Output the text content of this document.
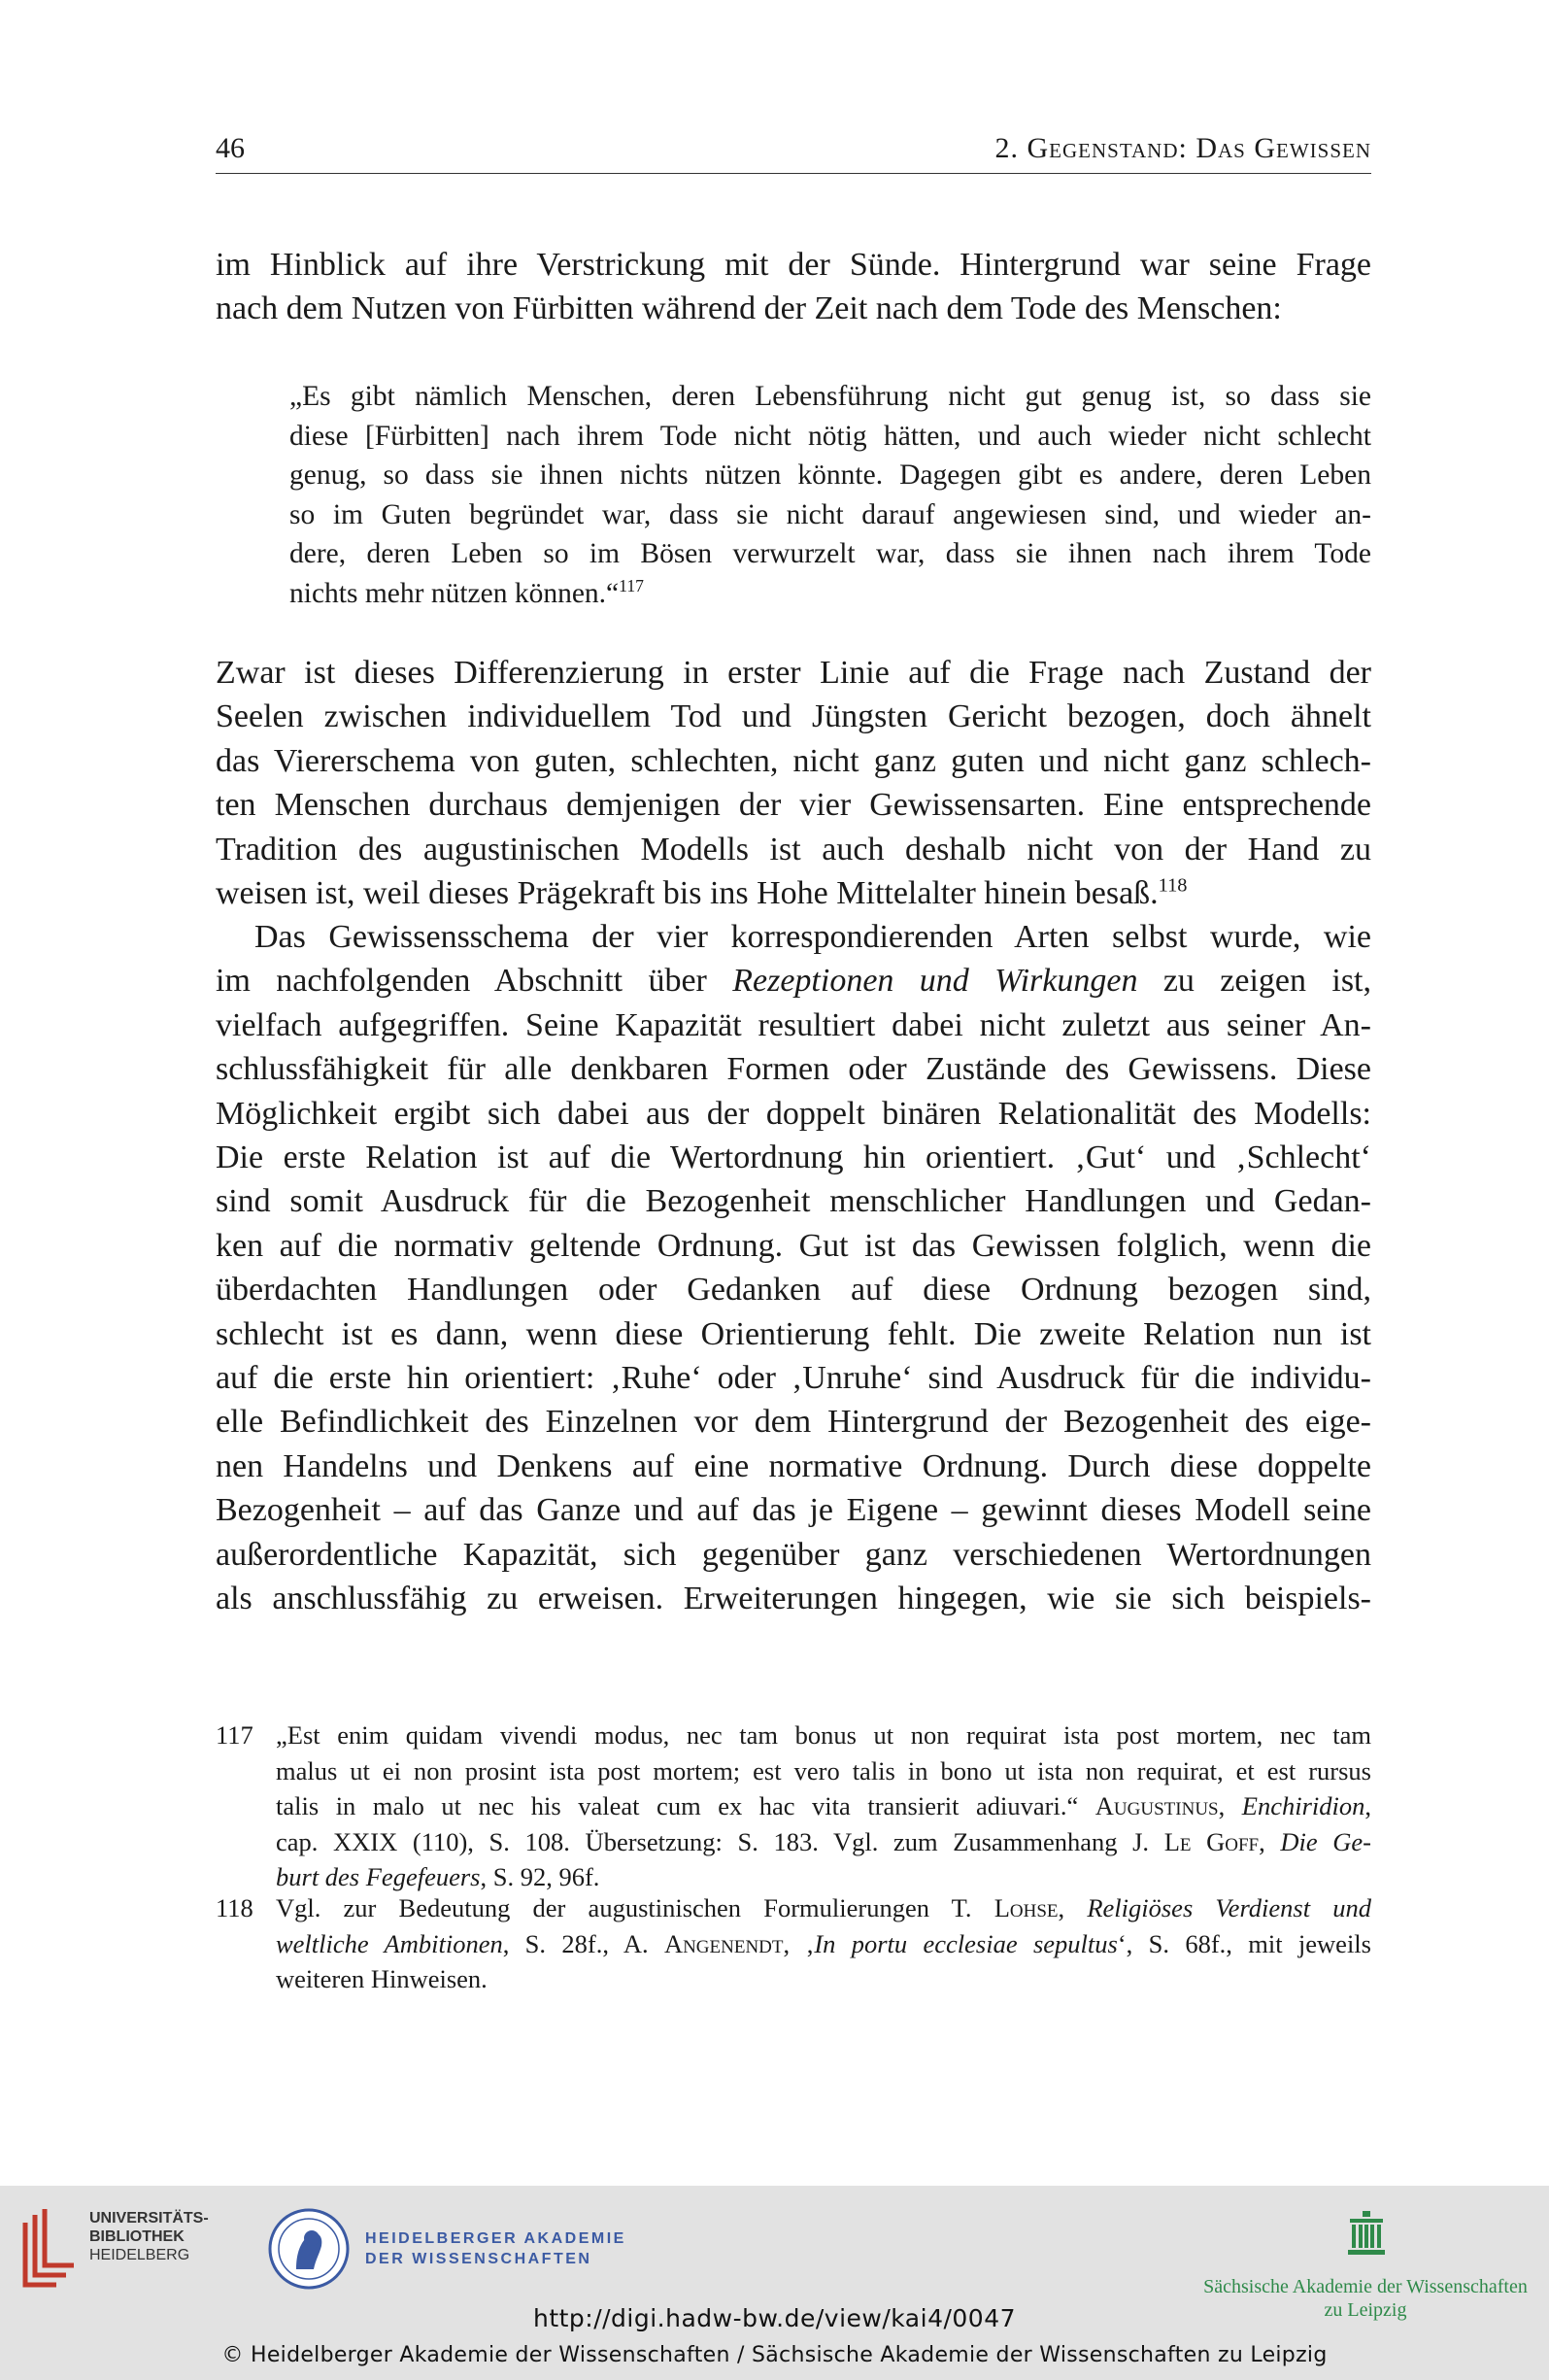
46	2. Gegenstand: Das Gewissen

im Hinblick auf ihre Verstrickung mit der Sünde. Hintergrund war seine Frage
nach dem Nutzen von Fürbitten während der Zeit nach dem Tode des Menschen:

„Es gibt nämlich Menschen, deren Lebensführung nicht gut genug ist, so dass sie
diese [Fürbitten] nach ihrem Tode nicht nötig hätten, und auch wieder nicht schlecht
genug, so dass sie ihnen nichts nützen könnte. Dagegen gibt es andere, deren Leben
so im Guten begründet war, dass sie nicht darauf angewiesen sind, und wieder an-
dere, deren Leben so im Bösen verwurzelt war, dass sie ihnen nach ihrem Tode
nichts mehr nützen können.“$^{117}$

Zwar ist dieses Differenzierung in erster Linie auf die Frage nach Zustand der
Seelen zwischen individuellem Tod und Jüngsten Gericht bezogen, doch ähnelt
das Viererschema von guten, schlechten, nicht ganz guten und nicht ganz schlech-
ten Menschen durchaus demjenigen der vier Gewissensarten. Eine entsprechende
Tradition des augustinischen Modells ist auch deshalb nicht von der Hand zu
weisen ist, weil dieses Prägekraft bis ins Hohe Mittelalter hinein besaß.$^{118}$

Das Gewissensschema der vier korrespondierenden Arten selbst wurde, wie
im nachfolgenden Abschnitt über Rezeptionen und Wirkungen zu zeigen ist,
vielfach aufgegriffen. Seine Kapazität resultiert dabei nicht zuletzt aus seiner An-
schlussfähigkeit für alle denkbaren Formen oder Zustände des Gewissens. Diese
Möglichkeit ergibt sich dabei aus der doppelt binären Relationalität des Modells:
Die erste Relation ist auf die Wertordnung hin orientiert. ‚Gut‘ und ‚Schlecht‘
sind somit Ausdruck für die Bezogenheit menschlicher Handlungen und Gedan-
ken auf die normativ geltende Ordnung. Gut ist das Gewissen folglich, wenn die
überdachten Handlungen oder Gedanken auf diese Ordnung bezogen sind,
schlecht ist es dann, wenn diese Orientierung fehlt. Die zweite Relation nun ist
auf die erste hin orientiert: ‚Ruhe‘ oder ‚Unruhe‘ sind Ausdruck für die individu-
elle Befindlichkeit des Einzelnen vor dem Hintergrund der Bezogenheit des eige-
nen Handelns und Denkens auf eine normative Ordnung. Durch diese doppelte
Bezogenheit – auf das Ganze und auf das je Eigene – gewinnt dieses Modell seine
außerordentliche Kapazität, sich gegenüber ganz verschiedenen Wertordnungen
als anschlussfähig zu erweisen. Erweiterungen hingegen, wie sie sich beispiels-

117 „Est enim quidam vivendi modus, nec tam bonus ut non requirat ista post mortem, nec tam
malus ut ei non prosint ista post mortem; est vero talis in bono ut ista non requirat, et est rursus
talis in malo ut nec his valeat cum ex hac vita transierit adiuvari.“ Augustinus, Enchiridion,
cap. XXIX (110), S. 108. Übersetzung: S. 183. Vgl. zum Zusammenhang J. Le Goff, Die Ge-
burt des Fegefeuers, S. 92, 96f.
118 Vgl. zur Bedeutung der augustinischen Formulierungen T. Lohse, Religiöses Verdienst und
weltliche Ambitionen, S. 28f., A. Angenendt, ‚In portu ecclesiae sepultus‘, S. 68f., mit jeweils
weiteren Hinweisen.
UNIVERSITÄTS-
BIBLIOTHEK
HEIDELBERG
HEIDELBERGER AKADEMIE
DER WISSENSCHAFTEN
Sächsische Akademie der Wissenschaften
zu Leipzig
http://digi.hadw-bw.de/view/kai4/0047
© Heidelberger Akademie der Wissenschaften / Sächsische Akademie der Wissenschaften zu Leipzig
